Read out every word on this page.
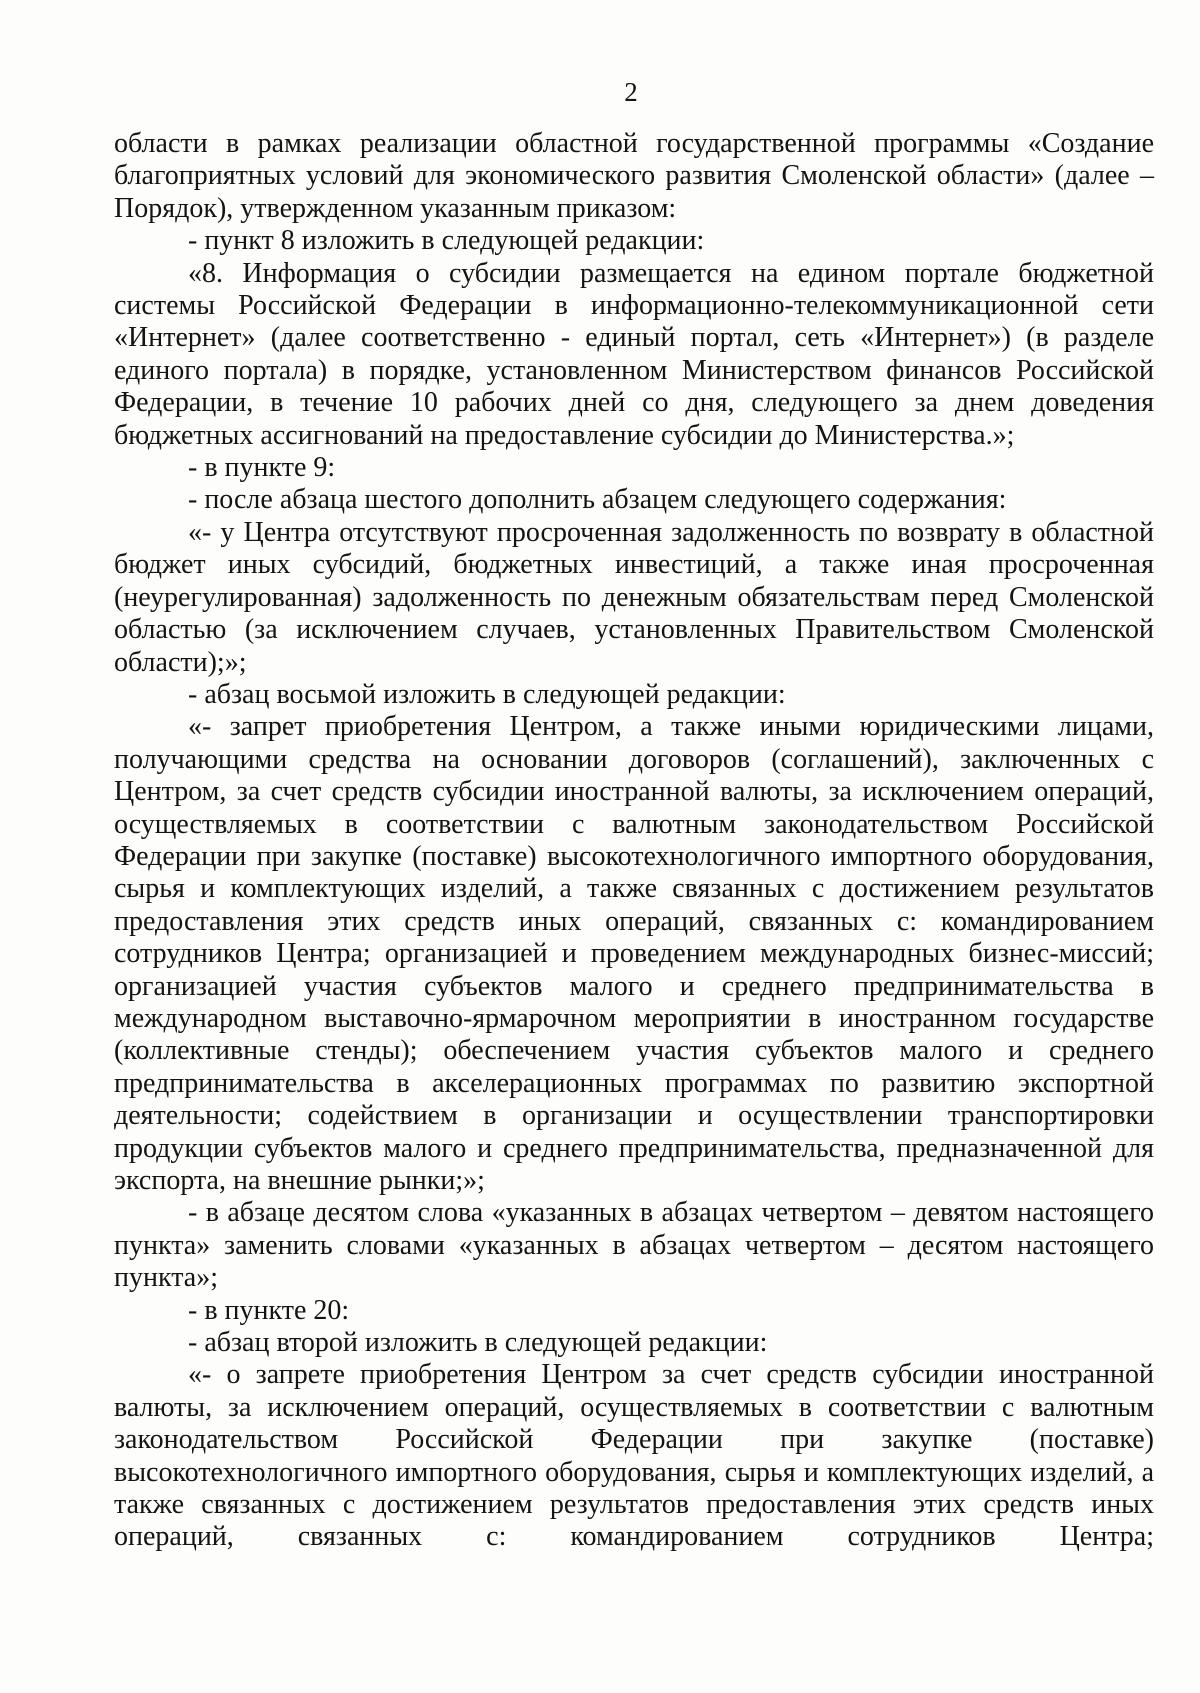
2

области в рамках реализации областной государственной программы «Создание благоприятных условий для экономического развития Смоленской области» (далее – Порядок), утвержденном указанным приказом:

- пункт 8 изложить в следующей редакции:

«8. Информация о субсидии размещается на едином портале бюджетной системы Российской Федерации в информационно-телекоммуникационной сети «Интернет» (далее соответственно - единый портал, сеть «Интернет») (в разделе единого портала) в порядке, установленном Министерством финансов Российской Федерации, в течение 10 рабочих дней со дня, следующего за днем доведения бюджетных ассигнований на предоставление субсидии до Министерства.»;

- в пункте 9:

- после абзаца шестого дополнить абзацем следующего содержания:

«- у Центра отсутствуют просроченная задолженность по возврату в областной бюджет иных субсидий, бюджетных инвестиций, а также иная просроченная (неурегулированная) задолженность по денежным обязательствам перед Смоленской областью (за исключением случаев, установленных Правительством Смоленской области);»;

- абзац восьмой изложить в следующей редакции:

«- запрет приобретения Центром, а также иными юридическими лицами, получающими средства на основании договоров (соглашений), заключенных с Центром, за счет средств субсидии иностранной валюты, за исключением операций, осуществляемых в соответствии с валютным законодательством Российской Федерации при закупке (поставке) высокотехнологичного импортного оборудования, сырья и комплектующих изделий, а также связанных с достижением результатов предоставления этих средств иных операций, связанных с: командированием сотрудников Центра; организацией и проведением международных бизнес-миссий; организацией участия субъектов малого и среднего предпринимательства в международном выставочно-ярмарочном мероприятии в иностранном государстве (коллективные стенды); обеспечением участия субъектов малого и среднего предпринимательства в акселерационных программах по развитию экспортной деятельности; содействием в организации и осуществлении транспортировки продукции субъектов малого и среднего предпринимательства, предназначенной для экспорта, на внешние рынки;»;

- в абзаце десятом слова «указанных в абзацах четвертом – девятом настоящего пункта» заменить словами «указанных в абзацах четвертом – десятом настоящего пункта»;

- в пункте 20:

- абзац второй изложить в следующей редакции:

«- о запрете приобретения Центром за счет средств субсидии иностранной валюты, за исключением операций, осуществляемых в соответствии с валютным законодательством Российской Федерации при закупке (поставке) высокотехнологичного импортного оборудования, сырья и комплектующих изделий, а также связанных с достижением результатов предоставления этих средств иных операций, связанных с: командированием сотрудников Центра;
